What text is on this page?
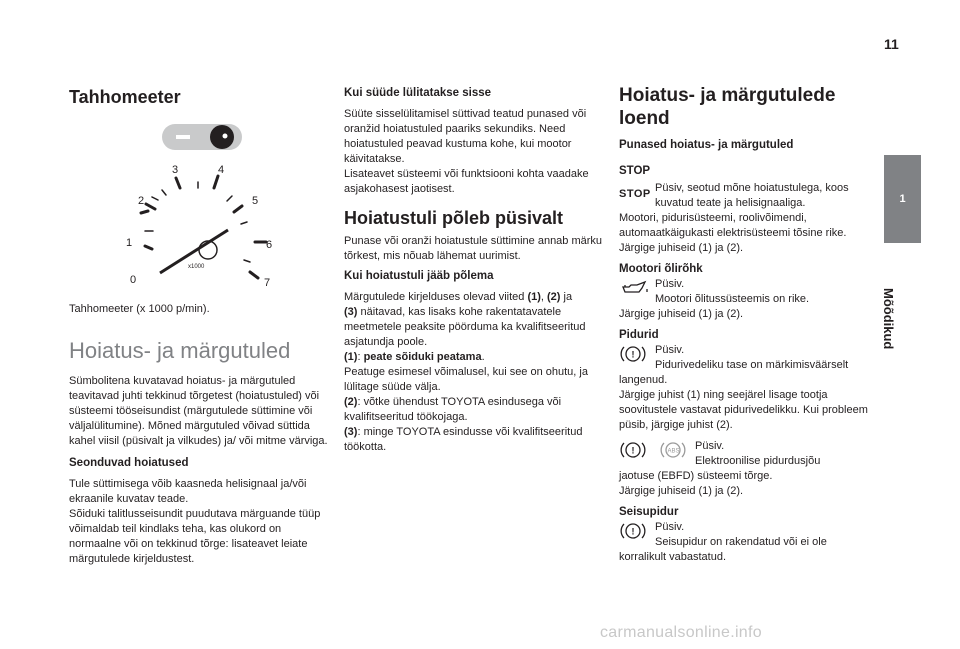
11
1
Mõõdikud
Tahhomeeter
0
1
2
3	4
5
6
7
x1000
Tahhomeeter (x 1000 p/min).
Hoiatus- ja märgutuled
Sümbolitena kuvatavad hoiatus- ja märgutuled teavitavad juhti tekkinud tõrgetest (hoiatustuled) või süsteemi tööseisundist (märgutulede süttimine või väljalülitumine). Mõned märgutuled võivad süttida kahel viisil (püsivalt ja vilkudes) ja/ või mitme värviga.
Seonduvad hoiatused
Tule süttimisega võib kaasneda helisignaal ja/või ekraanile kuvatav teade.
Sõiduki talitlusseisundit puudutava märguande tüüp võimaldab teil kindlaks teha, kas olukord on normaalne või on tekkinud tõrge: lisateavet leiate märgutulede kirjeldustest.
Kui süüde lülitatakse sisse
Süüte sisselülitamisel süttivad teatud punased või oranžid hoiatustuled paariks sekundiks. Need hoiatustuled peavad kustuma kohe, kui mootor käivitatakse.
Lisateavet süsteemi või funktsiooni kohta vaadake asjakohasest jaotisest.
Hoiatustuli põleb püsivalt
Punase või oranži hoiatustule süttimine annab märku tõrkest, mis nõuab lähemat uurimist.
Kui hoiatustuli jääb põlema
Märgutulede kirjelduses olevad viited (1), (2) ja
(3) näitavad, kas lisaks kohe rakentatavatele meetmetele peaksite pöörduma ka kvalifitseeritud asjatundja poole.
(1): peate sõiduki peatama.
Peatuge esimesel võimalusel, kui see on ohutu, ja lülitage süüde välja.
(2): võtke ühendust TOYOTA esindusega või kvalifitseeritud töökojaga.
(3): minge TOYOTA esindusse või kvalifitseeritud töökotta.
Hoiatus- ja märgutulede loend
Punased hoiatus- ja märgutuled
STOP
STOP Püsiv, seotud mõne hoiatustulega, koos kuvatud teate ja helisignaaliga.
Mootori, pidurisüsteemi, roolivõimendi, automaatkäigukasti elektrisüsteemi tõsine rike.
Järgige juhiseid (1) ja (2).
Mootori õlirõhk
Püsiv.
Mootori õlitussüsteemis on rike.
Järgige juhiseid (1) ja (2).
Pidurid
! Püsiv.
Pidurivedeliku tase on märkimisväärselt
langenud.
Järgige juhist (1) ning seejärel lisage tootja soovitustele vastavat pidurivedelikku. Kui probleem püsib, järgige juhist (2).
!	ABS Püsiv.
Elektroonilise pidurdusjõu
jaotuse (EBFD) süsteemi tõrge.
Järgige juhiseid (1) ja (2).
Seisupidur
! Püsiv.
Seisupidur on rakendatud või ei ole
korralikult vabastatud.
carmanualsonline.info
